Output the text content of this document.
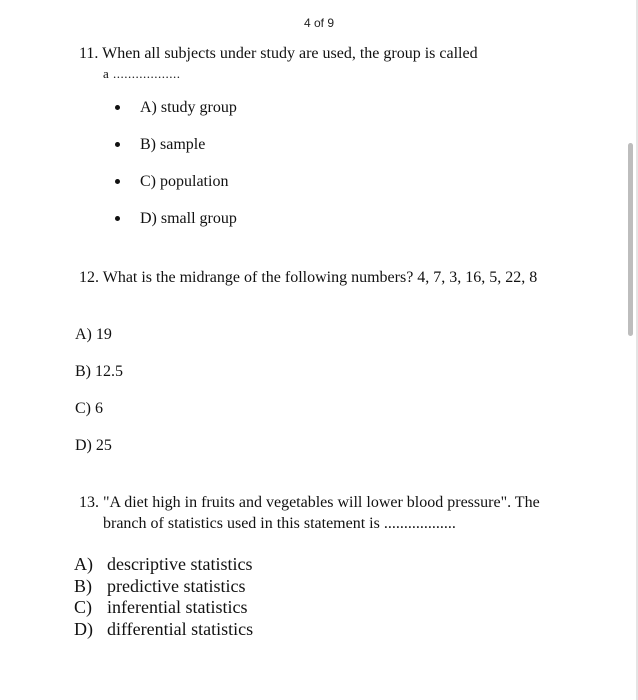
4 of 9
11. When all subjects under study are used, the group is called
a ..................
A) study group
B) sample
C) population
D) small group
12. What is the midrange of the following numbers? 4, 7, 3, 16, 5, 22, 8
A) 19
B) 12.5
C) 6
D) 25
13. "A diet high in fruits and vegetables will lower blood pressure". The
branch of statistics used in this statement is ..................
A) descriptive statistics
B) predictive statistics
C) inferential statistics
D) differential statistics
